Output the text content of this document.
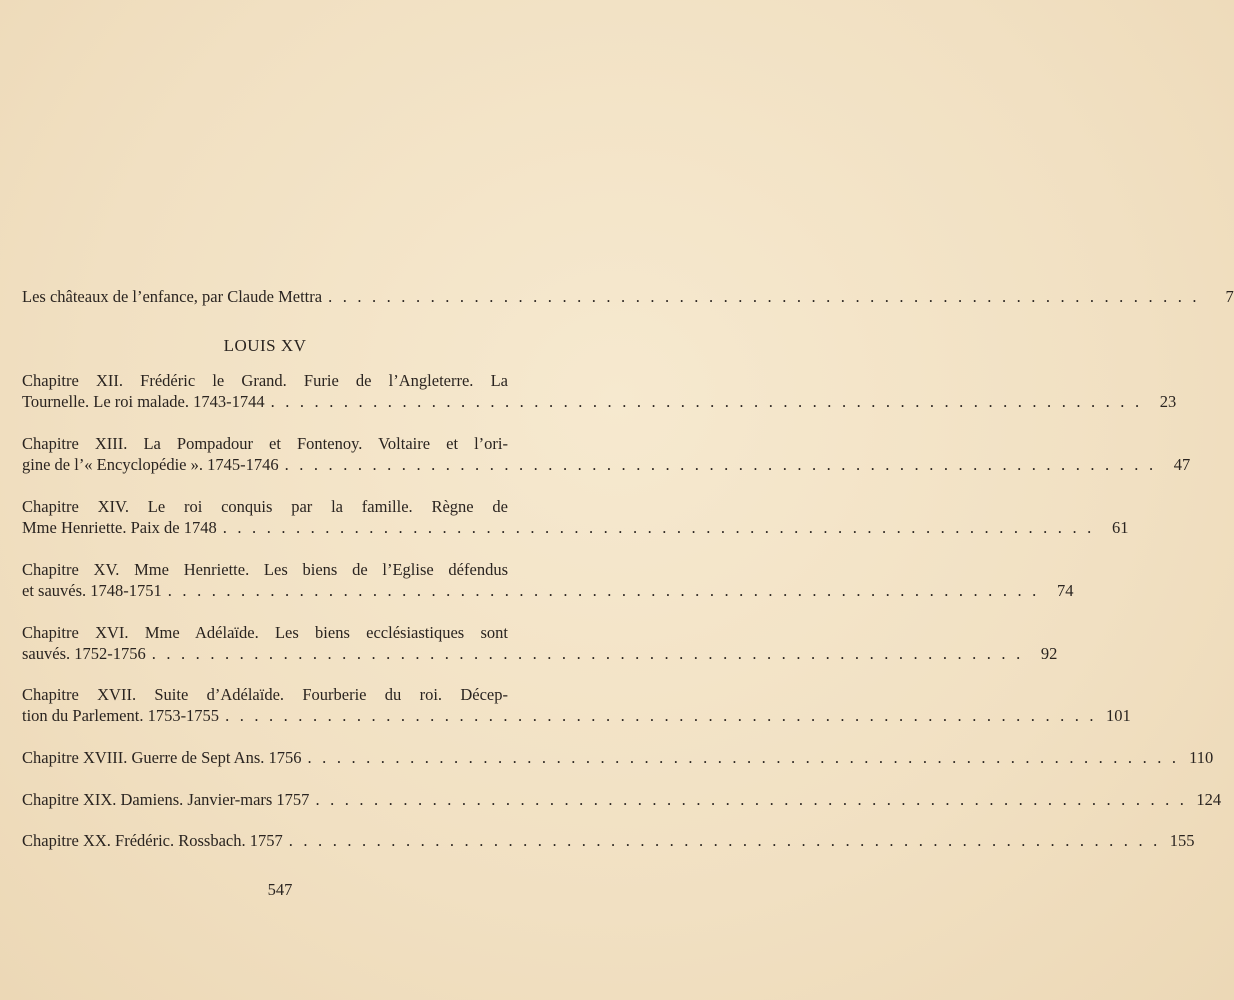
Les châteaux de l’enfance, par Claude Mettra . . . . . . . . . . . . . . . . . . . . . . . . . . . . . . . . . . . . . . . . . . . . . . . . . . . . . . . . . . . .	7
LOUIS XV
Chapitre XII. Frédéric le Grand. Furie de l’Angleterre. La
Tournelle. Le roi malade. 1743-1744 . . . . . . . . . . . . . . . . . . . . . . . . . . . . . . . . . . . . . . . . . . . . . . . . . . . . . . . . . . . .	23
Chapitre XIII. La Pompadour et Fontenoy. Voltaire et l’ori-
gine de l’« Encyclopédie ». 1745-1746 . . . . . . . . . . . . . . . . . . . . . . . . . . . . . . . . . . . . . . . . . . . . . . . . . . . . . . . . . . . .	47
Chapitre XIV. Le roi conquis par la famille. Règne de
Mme Henriette. Paix de 1748 . . . . . . . . . . . . . . . . . . . . . . . . . . . . . . . . . . . . . . . . . . . . . . . . . . . . . . . . . . . .	61
Chapitre XV. Mme Henriette. Les biens de l’Eglise défendus
et sauvés. 1748-1751 . . . . . . . . . . . . . . . . . . . . . . . . . . . . . . . . . . . . . . . . . . . . . . . . . . . . . . . . . . . .	74
Chapitre XVI. Mme Adélaïde. Les biens ecclésiastiques sont
sauvés. 1752-1756 . . . . . . . . . . . . . . . . . . . . . . . . . . . . . . . . . . . . . . . . . . . . . . . . . . . . . . . . . . . .	92
Chapitre XVII. Suite d’Adélaïde. Fourberie du roi. Décep-
tion du Parlement. 1753-1755 . . . . . . . . . . . . . . . . . . . . . . . . . . . . . . . . . . . . . . . . . . . . . . . . . . . . . . . . . . . . 101
Chapitre XVIII. Guerre de Sept Ans. 1756 . . . . . . . . . . . . . . . . . . . . . . . . . . . . . . . . . . . . . . . . . . . . . . . . . . . . . . . . . . . . 110
Chapitre XIX. Damiens. Janvier-mars 1757 . . . . . . . . . . . . . . . . . . . . . . . . . . . . . . . . . . . . . . . . . . . . . . . . . . . . . . . . . . . . 124
Chapitre XX. Frédéric. Rossbach. 1757 . . . . . . . . . . . . . . . . . . . . . . . . . . . . . . . . . . . . . . . . . . . . . . . . . . . . . . . . . . . . 155
547
